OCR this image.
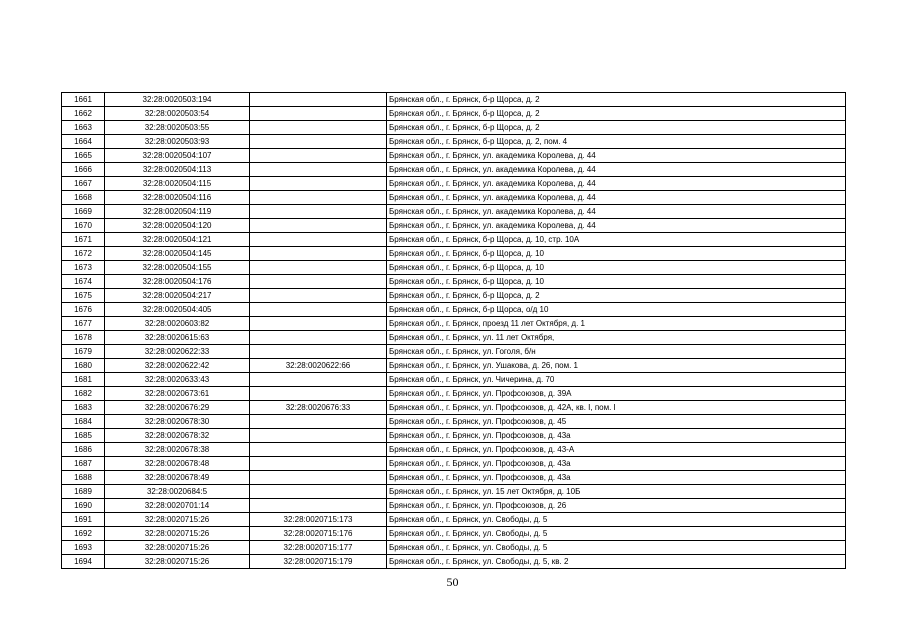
1661	32:28:0020503:194		Брянская обл., г. Брянск, б-р Щорса, д. 2
1662	32:28:0020503:54		Брянская обл., г. Брянск, б-р Щорса, д. 2
1663	32:28:0020503:55		Брянская обл., г. Брянск, б-р Щорса, д. 2
1664	32:28:0020503:93		Брянская обл., г. Брянск, б-р Щорса, д. 2, пом. 4
1665	32:28:0020504:107		Брянская обл., г. Брянск, ул. академика Королева, д. 44
1666	32:28:0020504:113		Брянская обл., г. Брянск, ул. академика Королева, д. 44
1667	32:28:0020504:115		Брянская обл., г. Брянск, ул. академика Королева, д. 44
1668	32:28:0020504:116		Брянская обл., г. Брянск, ул. академика Королева, д. 44
1669	32:28:0020504:119		Брянская обл., г. Брянск, ул. академика Королева, д. 44
1670	32:28:0020504:120		Брянская обл., г. Брянск, ул. академика Королева, д. 44
1671	32:28:0020504:121		Брянская обл., г. Брянск, б-р Щорса, д. 10, стр. 10А
1672	32:28:0020504:145		Брянская обл., г. Брянск, б-р Щорса, д. 10
1673	32:28:0020504:155		Брянская обл., г. Брянск, б-р Щорса, д. 10
1674	32:28:0020504:176		Брянская обл., г. Брянск, б-р Щорса, д. 10
1675	32:28:0020504:217		Брянская обл., г. Брянск, б-р Щорса, д. 2
1676	32:28:0020504:405		Брянская обл., г. Брянск, б-р Щорса, о/д 10
1677	32:28:0020603:82		Брянская обл., г. Брянск, проезд 11 лет Октября, д. 1
1678	32:28:0020615:63		Брянская обл., г. Брянск, ул. 11 лет Октября,
1679	32:28:0020622:33		Брянская обл., г. Брянск, ул. Гоголя, б/н
1680	32:28:0020622:42	32:28:0020622:66	Брянская обл., г. Брянск, ул. Ушакова, д. 26, пом. 1
1681	32:28:0020633:43		Брянская обл., г. Брянск, ул. Чичерина, д. 70
1682	32:28:0020673:61		Брянская обл., г. Брянск, ул. Профсоюзов, д. 39А
1683	32:28:0020676:29	32:28:0020676:33	Брянская обл., г. Брянск, ул. Профсоюзов, д. 42А, кв. I, пом. I
1684	32:28:0020678:30		Брянская обл., г. Брянск, ул. Профсоюзов, д. 45
1685	32:28:0020678:32		Брянская обл., г. Брянск, ул. Профсоюзов, д. 43а
1686	32:28:0020678:38		Брянская обл., г. Брянск, ул. Профсоюзов, д. 43-А
1687	32:28:0020678:48		Брянская обл., г. Брянск, ул. Профсоюзов, д. 43а
1688	32:28:0020678:49		Брянская обл., г. Брянск, ул. Профсоюзов, д. 43а
1689	32:28:0020684:5		Брянская обл., г. Брянск, ул. 15 лет Октября, д. 10Б
1690	32:28:0020701:14		Брянская обл., г. Брянск, ул. Профсоюзов, д. 26
1691	32:28:0020715:26	32:28:0020715:173	Брянская обл., г. Брянск, ул. Свободы, д. 5
1692	32:28:0020715:26	32:28:0020715:176	Брянская обл., г. Брянск, ул. Свободы, д. 5
1693	32:28:0020715:26	32:28:0020715:177	Брянская обл., г. Брянск, ул. Свободы, д. 5
1694	32:28:0020715:26	32:28:0020715:179	Брянская обл., г. Брянск, ул. Свободы, д. 5, кв. 2
50
